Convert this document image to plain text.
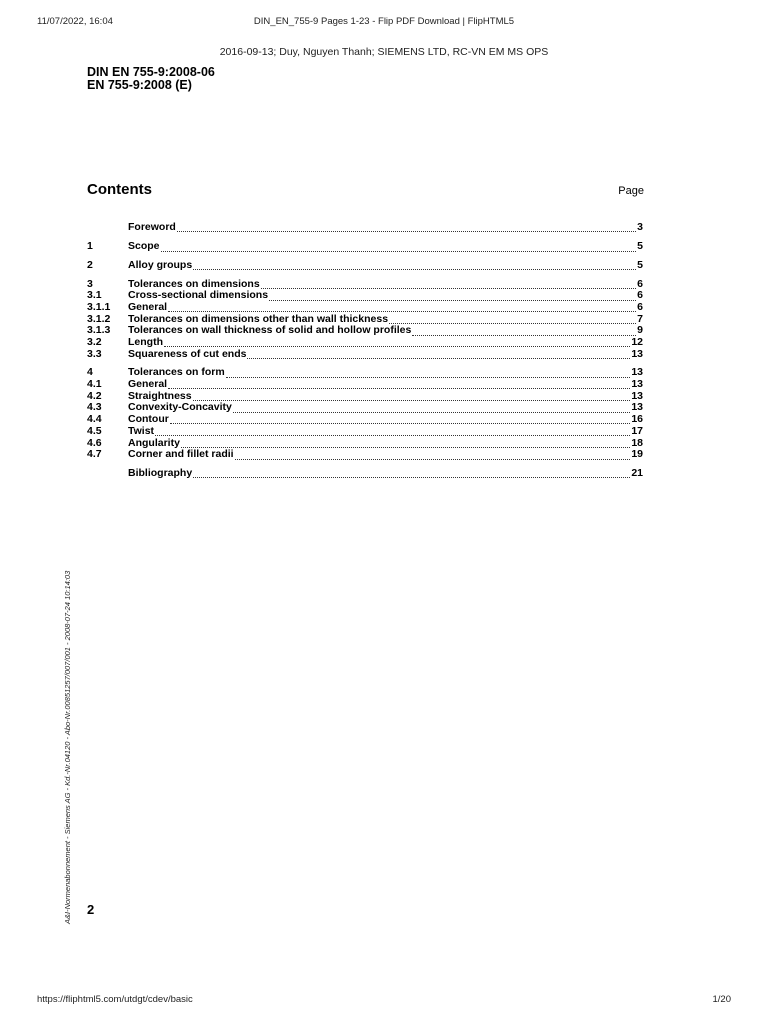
11/07/2022, 16:04	DIN_EN_755-9 Pages 1-23 - Flip PDF Download | FlipHTML5
2016-09-13; Duy, Nguyen Thanh; SIEMENS LTD, RC-VN EM MS OPS
DIN EN 755-9:2008-06
EN 755-9:2008 (E)
Contents	Page
Foreword	3
1	Scope	5
2	Alloy groups	5
3	Tolerances on dimensions	6
3.1	Cross-sectional dimensions	6
3.1.1	General	6
3.1.2	Tolerances on dimensions other than wall thickness	7
3.1.3	Tolerances on wall thickness of solid and hollow profiles	9
3.2	Length	12
3.3	Squareness of cut ends	13
4	Tolerances on form	13
4.1	General	13
4.2	Straightness	13
4.3	Convexity-Concavity	13
4.4	Contour	16
4.5	Twist	17
4.6	Angularity	18
4.7	Corner and fillet radii	19
Bibliography	21
A&I-Normenabonnement - Siemens AG - Kd.-Nr.04120 - Abo-Nr.00851257/007/001 - 2008-07-24 10:14:03 2
https://fliphtml5.com/utdgt/cdev/basic	1/20
